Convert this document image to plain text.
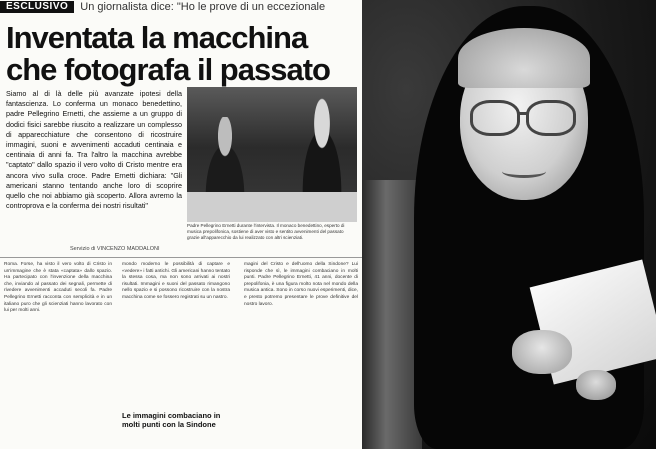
ESCLUSIVO	Un giornalista dice: "Ho le prove di un eccezionale
Inventata la macchina
che fotografa il passato
Siamo al di là delle più avanzate ipotesi della fantascienza. Lo conferma un monaco benedettino, padre Pellegrino Ernetti, che assieme a un gruppo di dodici fisici sarebbe riuscito a realizzare un complesso di apparecchiature che consentono di ricostruire immagini, suoni e avvenimenti accaduti centinaia e centinaia di anni fa. Tra l'altro la macchina avrebbe "captato" dallo spazio il vero volto di Cristo mentre era ancora vivo sulla croce. Padre Ernetti dichiara: "Gli americani stanno tentando anche loro di scoprire quello che noi abbiamo già scoperto. Allora avremo la controprova e la conferma dei nostri risultati"
Padre Pellegrino Ernetti durante l'intervista. Il monaco benedettino, esperto di musica prepolifonica, sostiene di aver visto e sentito avvenimenti del passato grazie all'apparecchio da lui realizzato con altri scienziati.
Servizio di VINCENZO MADDALONI
Roma. Forse, ha visto il vero volto di Cristo in un'immagine che è stata «captata» dallo spazio. Ha partecipato con l'invenzione della macchina che, inviando al passato dei segnali, permette di rivedere avvenimenti accaduti secoli fa. Padre Pellegrino Ernetti racconta con semplicità e in un italiano puro che gli scienziati hanno lavorato con lui per molti anni.
mondo moderno le possibilità di captare e «vedere» i fatti antichi. Gli americani hanno tentato la stessa cosa, ma non sono arrivati ai nostri risultati. Immagini e suoni del passato rimangono nello spazio e si possono ricostruire con la nostra macchina come se fossero registrati su un nastro.
Le immagini combaciano in molti punti con la Sindone
magini del Cristo e dell'uomo della Sindone? Lui risponde che sì, le immagini combaciano in molti punti. Padre Pellegrino Ernetti, 41 anni, docente di prepolifonia, è una figura molto nota nel mondo della musica antica. Sono in corso nuovi esperimenti, dice, e presto potremo presentare le prove definitive del nostro lavoro.
